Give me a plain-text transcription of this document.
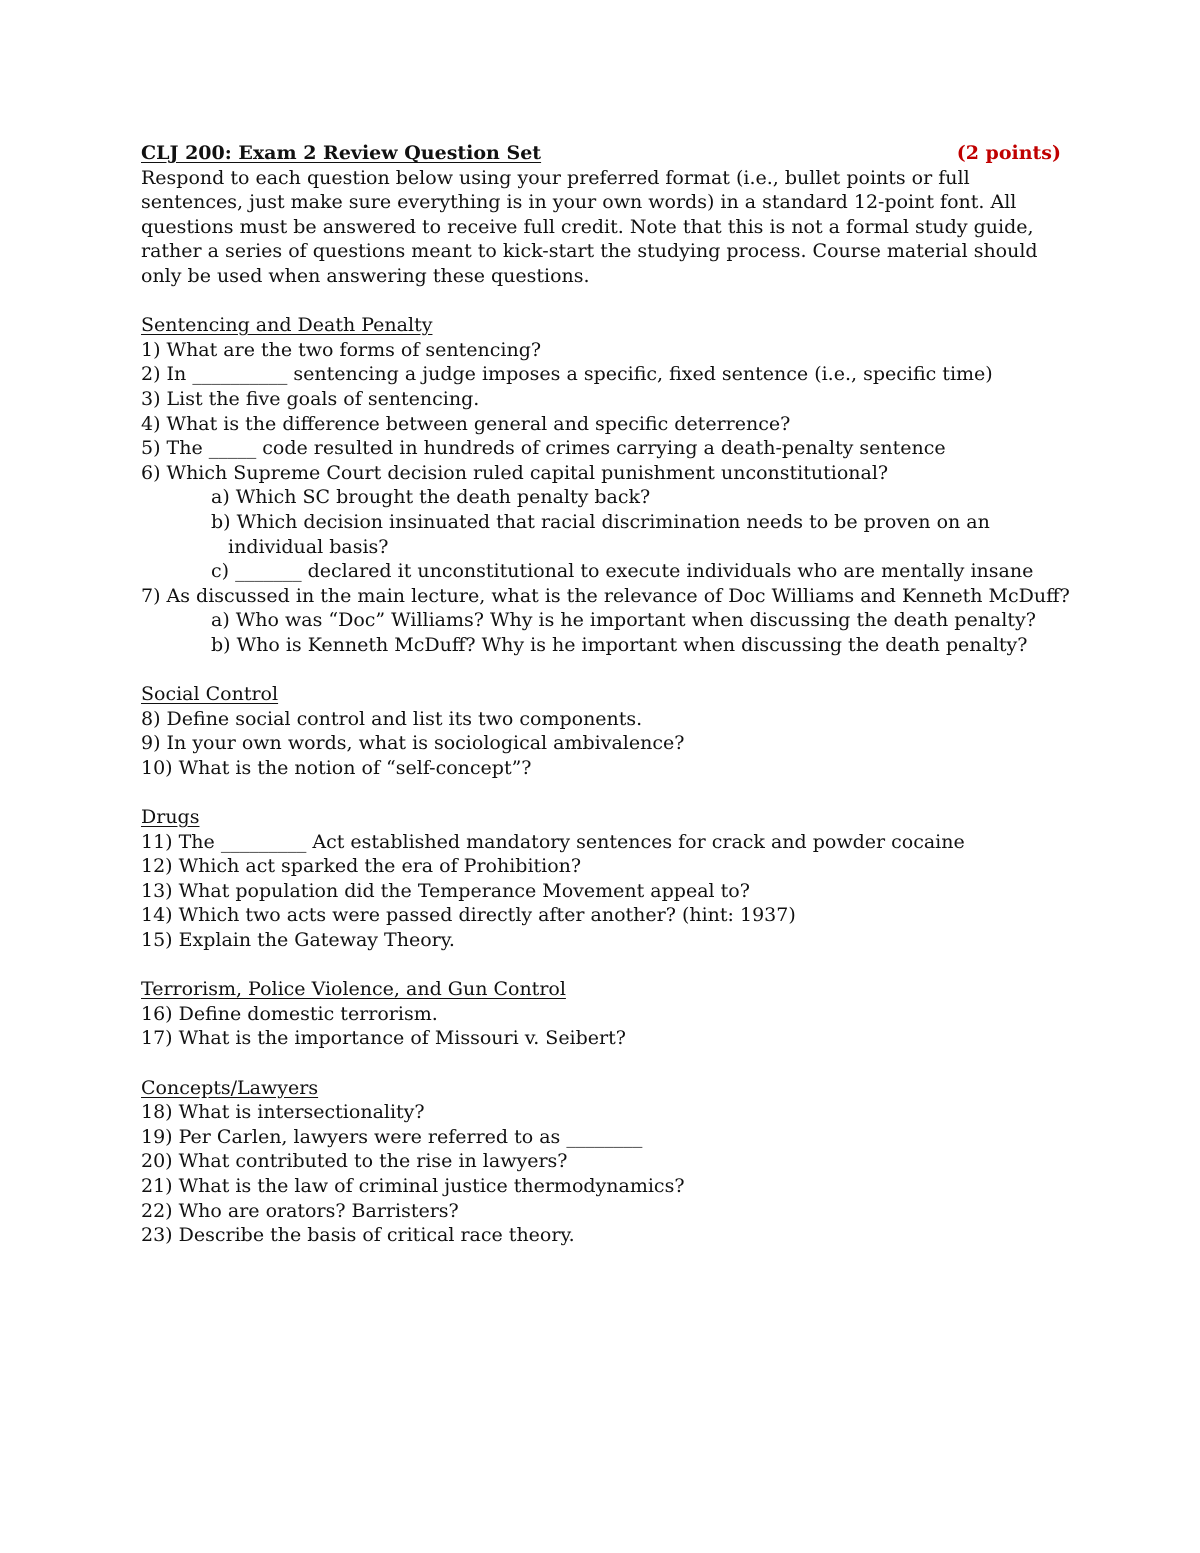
CLJ 200: Exam 2 Review Question Set	(2 points)

Respond to each question below using your preferred format (i.e., bullet points or full sentences, just make sure everything is in your own words) in a standard 12-point font. All questions must be answered to receive full credit. Note that this is not a formal study guide, rather a series of questions meant to kick-start the studying process. Course material should only be used when answering these questions.

Sentencing and Death Penalty
1) What are the two forms of sentencing?
2) In __________ sentencing a judge imposes a specific, fixed sentence (i.e., specific time)
3) List the five goals of sentencing.
4) What is the difference between general and specific deterrence?
5) The _____ code resulted in hundreds of crimes carrying a death-penalty sentence
6) Which Supreme Court decision ruled capital punishment unconstitutional?
a) Which SC brought the death penalty back?
b) Which decision insinuated that racial discrimination needs to be proven on an
individual basis?
c) _______ declared it unconstitutional to execute individuals who are mentally insane
7) As discussed in the main lecture, what is the relevance of Doc Williams and Kenneth McDuff?
a) Who was “Doc” Williams? Why is he important when discussing the death penalty?
b) Who is Kenneth McDuff? Why is he important when discussing the death penalty?
Social Control
8) Define social control and list its two components.
9) In your own words, what is sociological ambivalence?
10) What is the notion of “self-concept”?
Drugs
11) The _________ Act established mandatory sentences for crack and powder cocaine
12) Which act sparked the era of Prohibition?
13) What population did the Temperance Movement appeal to?
14) Which two acts were passed directly after another? (hint: 1937)
15) Explain the Gateway Theory.
Terrorism, Police Violence, and Gun Control
16) Define domestic terrorism.
17) What is the importance of Missouri v. Seibert?
Concepts/Lawyers
18) What is intersectionality?
19) Per Carlen, lawyers were referred to as ________
20) What contributed to the rise in lawyers?
21) What is the law of criminal justice thermodynamics?
22) Who are orators? Barristers?
23) Describe the basis of critical race theory.
